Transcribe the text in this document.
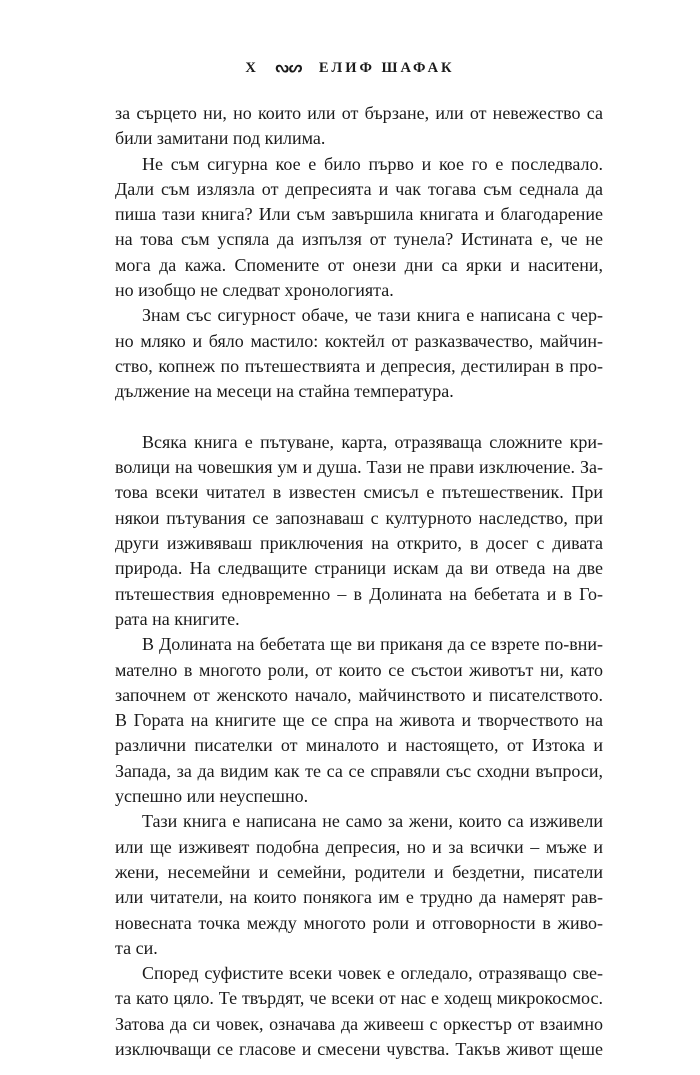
X ᔓᔕ ЕЛИФ ШАФАК
за сърцето ни, но които или от бързане, или от невежество са
били замитани под килима.
Не съм сигурна кое е било първо и кое го е последвало.
Дали съм излязла от депресията и чак тогава съм седнала да
пиша тази книга? Или съм завършила книгата и благодарение
на това съм успяла да изпълзя от тунела? Истината е, че не
мога да кажа. Спомените от онези дни са ярки и наситени,
но изобщо не следват хронологията.
Знам със сигурност обаче, че тази книга е написана с чер-
но мляко и бяло мастило: коктейл от разказвачество, майчин-
ство, копнеж по пътешествията и депресия, дестилиран в про-
дължение на месеци на стайна температура.
Всяка книга е пътуване, карта, отразяваща сложните кри-
волици на човешкия ум и душа. Тази не прави изключение. За-
това всеки читател в известен смисъл е пътешественик. При
някои пътувания се запознаваш с културното наследство, при
други изживяваш приключения на открито, в досег с дивата
природа. На следващите страници искам да ви отведа на две
пътешествия едновременно – в Долината на бебетата и в Го-
рата на книгите.
В Долината на бебетата ще ви приканя да се взрете по-вни-
мателно в многото роли, от които се състои животът ни, като
започнем от женското начало, майчинството и писателството.
В Гората на книгите ще се спра на живота и творчеството на
различни писателки от миналото и настоящето, от Изтока и
Запада, за да видим как те са се справяли със сходни въпроси,
успешно или неуспешно.
Тази книга е написана не само за жени, които са изживели
или ще изживеят подобна депресия, но и за всички – мъже и
жени, несемейни и семейни, родители и бездетни, писатели
или читатели, на които понякога им е трудно да намерят рав-
новесната точка между многото роли и отговорности в живо-
та си.
Според суфистите всеки човек е огледало, отразяващо све-
та като цяло. Те твърдят, че всеки от нас е ходещ микрокосмос.
Затова да си човек, означава да живееш с оркестър от взаимно
изключващи се гласове и смесени чувства. Такъв живот щеше
